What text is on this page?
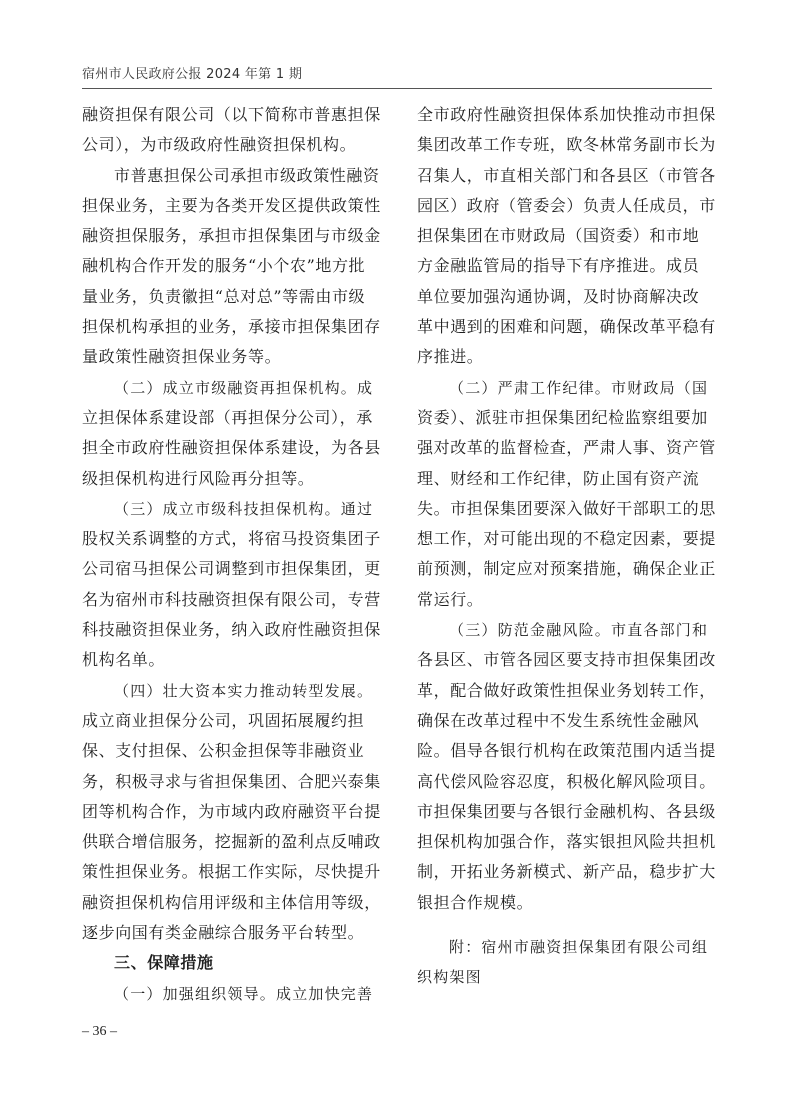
宿州市人民政府公报 2024 年第 1 期
融资担保有限公司（以下简称市普惠担保
公司），为市级政府性融资担保机构。
市普惠担保公司承担市级政策性融资
担保业务，主要为各类开发区提供政策性
融资担保服务，承担市担保集团与市级金
融机构合作开发的服务“小个农”地方批
量业务，负责徽担“总对总”等需由市级
担保机构承担的业务，承接市担保集团存
量政策性融资担保业务等。
（二）成立市级融资再担保机构。成
立担保体系建设部（再担保分公司），承
担全市政府性融资担保体系建设，为各县
级担保机构进行风险再分担等。
（三）成立市级科技担保机构。通过
股权关系调整的方式，将宿马投资集团子
公司宿马担保公司调整到市担保集团，更
名为宿州市科技融资担保有限公司，专营
科技融资担保业务，纳入政府性融资担保
机构名单。
（四）壮大资本实力推动转型发展。
成立商业担保分公司，巩固拓展履约担
保、支付担保、公积金担保等非融资业
务，积极寻求与省担保集团、合肥兴泰集
团等机构合作，为市域内政府融资平台提
供联合增信服务，挖掘新的盈利点反哺政
策性担保业务。根据工作实际，尽快提升
融资担保机构信用评级和主体信用等级，
逐步向国有类金融综合服务平台转型。
三、保障措施
（一）加强组织领导。成立加快完善
全市政府性融资担保体系加快推动市担保
集团改革工作专班，欧冬林常务副市长为
召集人，市直相关部门和各县区（市管各
园区）政府（管委会）负责人任成员，市
担保集团在市财政局（国资委）和市地
方金融监管局的指导下有序推进。成员
单位要加强沟通协调，及时协商解决改
革中遇到的困难和问题，确保改革平稳有
序推进。
（二）严肃工作纪律。市财政局（国
资委）、派驻市担保集团纪检监察组要加
强对改革的监督检查，严肃人事、资产管
理、财经和工作纪律，防止国有资产流
失。市担保集团要深入做好干部职工的思
想工作，对可能出现的不稳定因素，要提
前预测，制定应对预案措施，确保企业正
常运行。
（三）防范金融风险。市直各部门和
各县区、市管各园区要支持市担保集团改
革，配合做好政策性担保业务划转工作，
确保在改革过程中不发生系统性金融风
险。倡导各银行机构在政策范围内适当提
高代偿风险容忍度，积极化解风险项目。
市担保集团要与各银行金融机构、各县级
担保机构加强合作，落实银担风险共担机
制，开拓业务新模式、新产品，稳步扩大
银担合作规模。
附：宿州市融资担保集团有限公司组
织构架图
– 36 –
